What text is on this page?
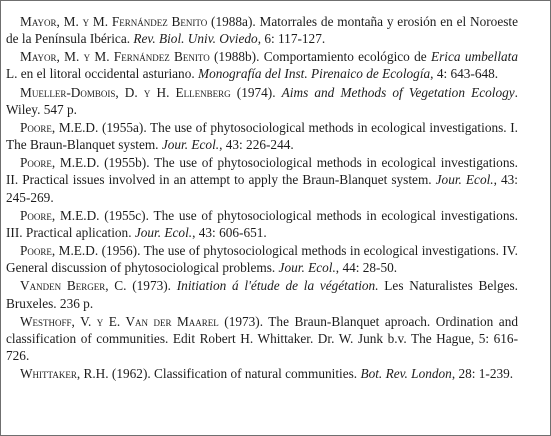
Mayor, M. y M. Fernández Benito (1988a). Matorrales de montaña y erosión en el Noroeste de la Península Ibérica. Rev. Biol. Univ. Oviedo, 6: 117-127.

Mayor, M. y M. Fernández Benito (1988b). Comportamiento ecológico de Erica umbellata L. en el litoral occidental asturiano. Monografía del Inst. Pirenaico de Ecología, 4: 643-648.

Mueller-Dombois, D. y H. Ellenberg (1974). Aims and Methods of Vegetation Ecology. Wiley. 547 p.

Poore, M.E.D. (1955a). The use of phytosociological methods in ecological investigations. I. The Braun-Blanquet system. Jour. Ecol., 43: 226-244.

Poore, M.E.D. (1955b). The use of phytosociological methods in ecological investigations. II. Practical issues involved in an attempt to apply the Braun-Blanquet system. Jour. Ecol., 43: 245-269.

Poore, M.E.D. (1955c). The use of phytosociological methods in ecological investigations. III. Practical aplication. Jour. Ecol., 43: 606-651.

Poore, M.E.D. (1956). The use of phytosociological methods in ecological investigations. IV. General discussion of phytosociological problems. Jour. Ecol., 44: 28-50.

Vanden Berger, C. (1973). Initiation á l'étude de la végétation. Les Naturalistes Belges. Bruxeles. 236 p.

Westhoff, V. y E. Van der Maarel (1973). The Braun-Blanquet aproach. Ordination and classification of communities. Edit Robert H. Whittaker. Dr. W. Junk b.v. The Hague, 5: 616-726.

Whittaker, R.H. (1962). Classification of natural communities. Bot. Rev. London, 28: 1-239.
